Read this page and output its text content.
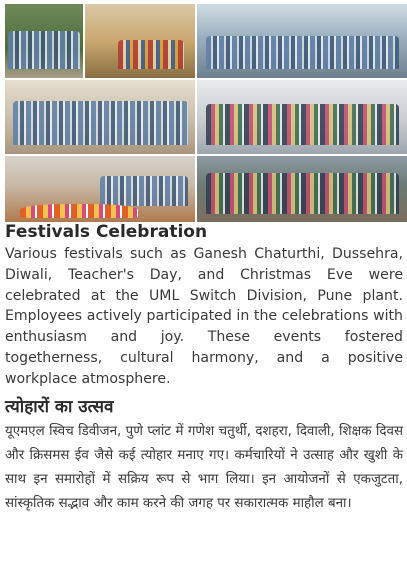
Festivals Celebration

Various festivals such as Ganesh Chaturthi, Dussehra, Diwali, Teacher's Day, and Christmas Eve were celebrated at the UML Switch Division, Pune plant. Employees actively participated in the celebrations with enthusiasm and joy. These events fostered togetherness, cultural harmony, and a positive workplace atmosphere.

त्योहारों का उत्सव

यूएमएल स्विच डिवीजन, पुणे प्लांट में गणेश चतुर्थी, दशहरा, दिवाली, शिक्षक दिवस और क्रिसमस ईव जैसे कई त्योहार मनाए गए। कर्मचारियों ने उत्साह और खुशी के साथ इन समारोहों में सक्रिय रूप से भाग लिया। इन आयोजनों से एकजुटता, सांस्कृतिक सद्भाव और काम करने की जगह पर सकारात्मक माहौल बना।
